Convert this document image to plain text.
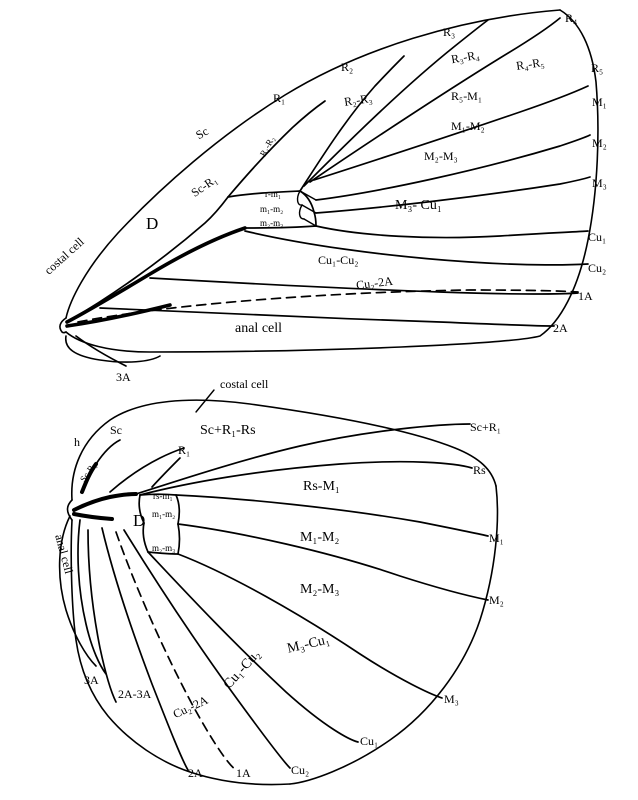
R₄
R₃
R₃-R₄	R₄-R₅	R₅
R₂
R₁	R₂-R₃	R₅-M₁	M₁
M₁-M₂
M₂
Sc
R₁-R₂	M₂-M₃
M₃
Sc-R₁	r-m₁
M₃- Cu₁
m₁-m₂
D	m₂-m₃
Cu₁
costal cell	Cu₁-Cu₂
Cu₂
Cu₂-2A
1A
anal cell	2A
3A	costal cell
Sc+R₁-Rs	Sc+R₁
h
Sc
R₁
Rs
Sc-R₁
rs-m₁
Rs-M₁
D m₁-m₂
M₁
M₁-M₂
m₂-m₃
anal cell
M₂-M₃
M₂
M₃-Cu₁
Cu₁-Cu₂
3A
2A-3A	M₃
Cu₂-2A
Cu₁
2A	1A	Cu₂
